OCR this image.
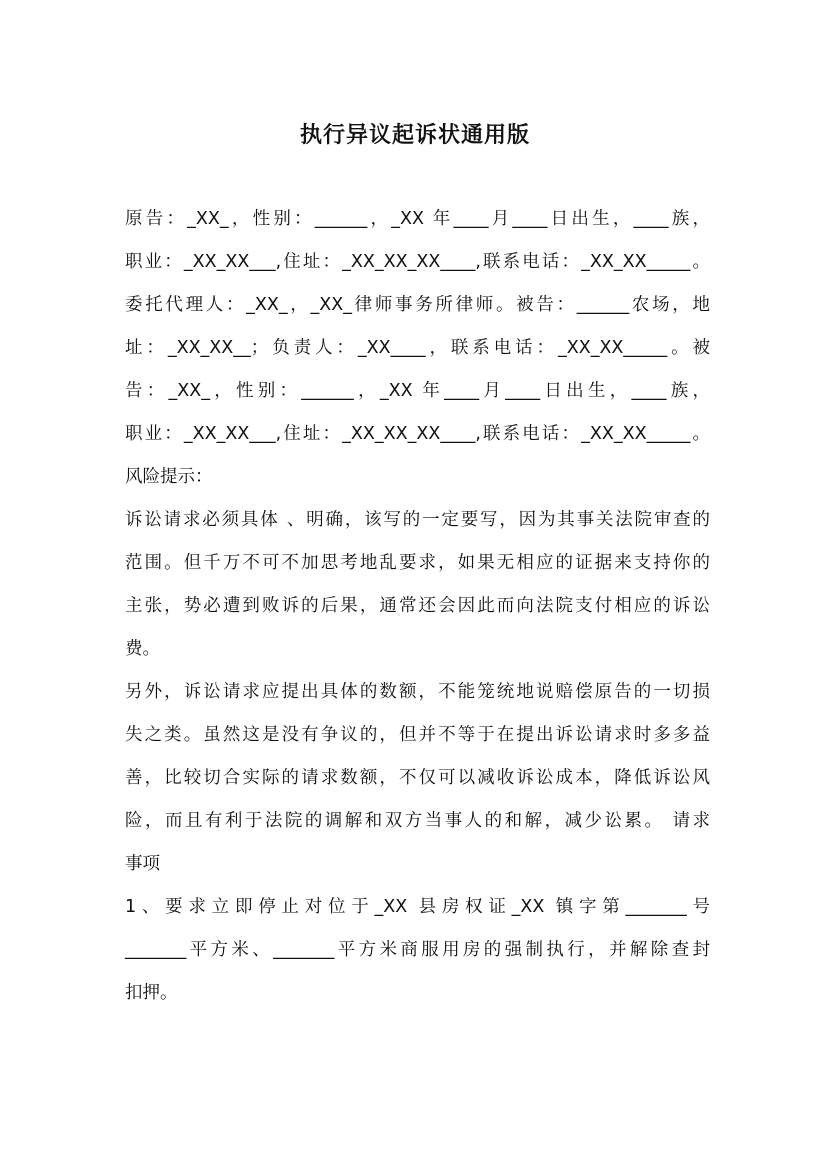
执行异议起诉状通用版
原告：_XX_，性别：______，_XX 年____月____日出生，____族，
职业：_XX_XX___,住址：_XX_XX_XX____,联系电话：_XX_XX_____。
委托代理人：_XX_，_XX_律师事务所律师。被告：______农场，地
址：_XX_XX__；负责人：_XX____，联系电话：_XX_XX_____。被
告：_XX_，性别：______，_XX 年____月____日出生，____族，
职业：_XX_XX___,住址：_XX_XX_XX____,联系电话：_XX_XX_____。
风险提示：
诉讼请求必须具体 、明确，该写的一定要写，因为其事关法院审查的
范围。但千万不可不加思考地乱要求，如果无相应的证据来支持你的
主张，势必遭到败诉的后果，通常还会因此而向法院支付相应的诉讼
费。
另外，诉讼请求应提出具体的数额，不能笼统地说赔偿原告的一切损
失之类。虽然这是没有争议的，但并不等于在提出诉讼请求时多多益
善，比较切合实际的请求数额，不仅可以减收诉讼成本，降低诉讼风
险，而且有利于法院的调解和双方当事人的和解，减少讼累。 请求
事项
1、要求立即停止对位于_XX 县房权证_XX 镇字第_______号
_______平方米、_______平方米商服用房的强制执行，并解除查封
扣押。
